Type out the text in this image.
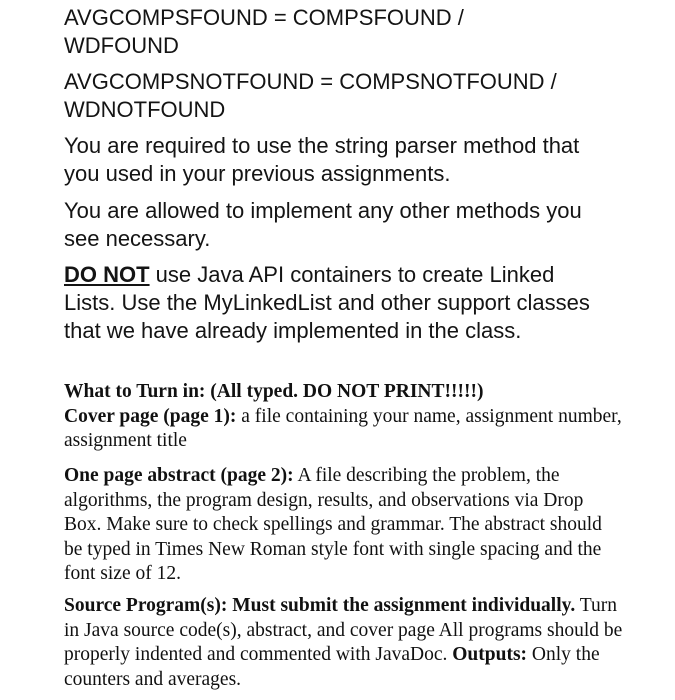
AVGCOMPSFOUND = COMPSFOUND /
WDFOUND
AVGCOMPSNOTFOUND = COMPSNOTFOUND /
WDNOTFOUND

You are required to use the string parser method that you used in your previous assignments.

You are allowed to implement any other methods you see necessary.

DO NOT use Java API containers to create Linked Lists. Use the MyLinkedList and other support classes that we have already implemented in the class.

What to Turn in: (All typed. DO NOT PRINT!!!!!)
Cover page (page 1): a file containing your name, assignment number, assignment title
One page abstract (page 2): A file describing the problem, the algorithms, the program design, results, and observations via Drop Box. Make sure to check spellings and grammar. The abstract should be typed in Times New Roman style font with single spacing and the font size of 12.
Source Program(s): Must submit the assignment individually. Turn in Java source code(s), abstract, and cover page All programs should be properly indented and commented with JavaDoc. Outputs: Only the counters and averages.
